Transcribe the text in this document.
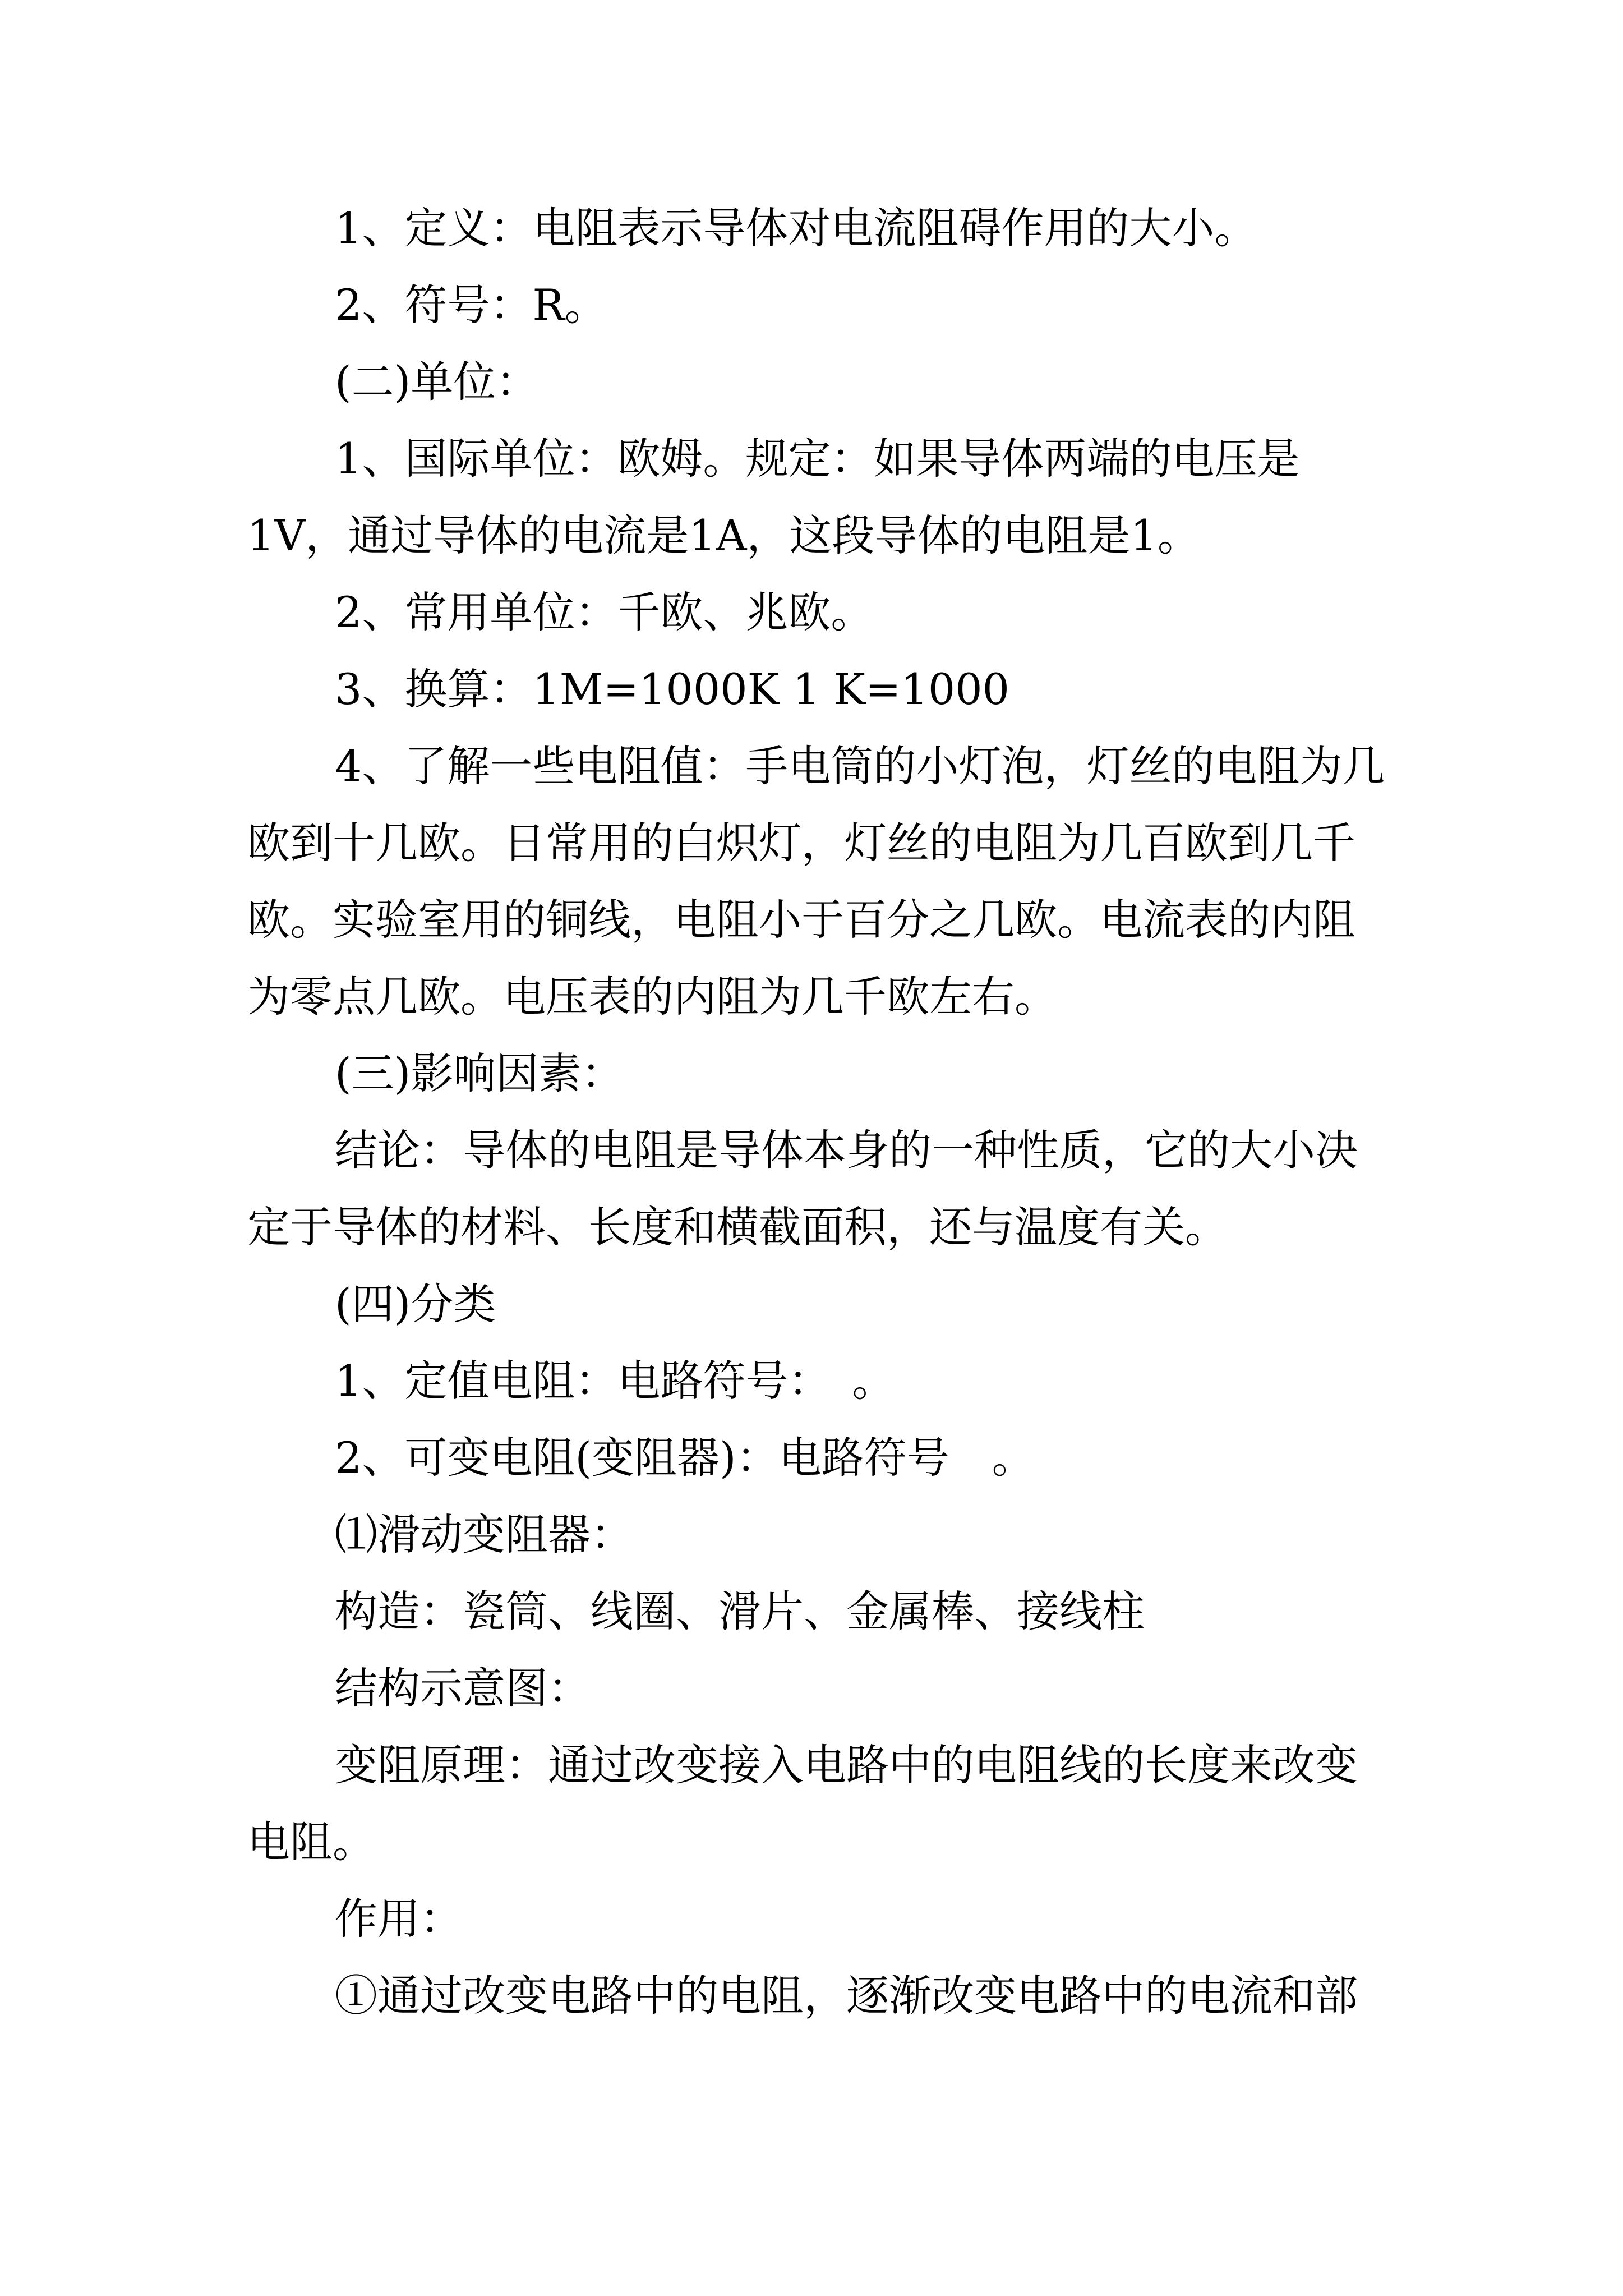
1、定义：电阻表示导体对电流阻碍作用的大小。

2、符号：R。

(二)单位：

1、国际单位：欧姆。规定：如果导体两端的电压是1V，通过导体的电流是1A，这段导体的电阻是1。

2、常用单位：千欧、兆欧。

3、换算：1M=1000K 1 K=1000

4、了解一些电阻值：手电筒的小灯泡，灯丝的电阻为几欧到十几欧。日常用的白炽灯，灯丝的电阻为几百欧到几千欧。实验室用的铜线，电阻小于百分之几欧。电流表的内阻为零点几欧。电压表的内阻为几千欧左右。

(三)影响因素：

结论：导体的电阻是导体本身的一种性质，它的大小决定于导体的材料、长度和横截面积，还与温度有关。

(四)分类

1、定值电阻：电路符号：　。

2、可变电阻(变阻器)：电路符号　。

⑴滑动变阻器：

构造：瓷筒、线圈、滑片、金属棒、接线柱

结构示意图：

变阻原理：通过改变接入电路中的电阻线的长度来改变电阻。

作用：

①通过改变电路中的电阻，逐渐改变电路中的电流和部
